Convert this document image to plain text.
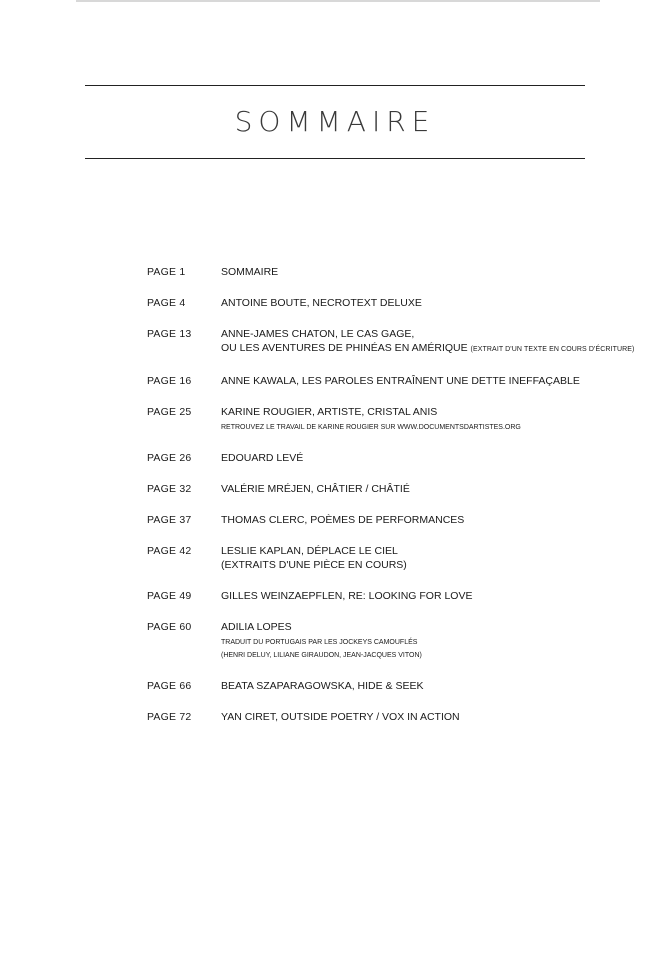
SOMMAIRE
PAGE 1	SOMMAIRE
PAGE 4	ANTOINE BOUTE, NECROTEXT DELUXE
PAGE 13	ANNE-JAMES CHATON, LE CAS GAGE,
OU LES AVENTURES DE PHINÉAS EN AMÉRIQUE (EXTRAIT D'UN TEXTE EN COURS D'ÉCRITURE)
PAGE 16	ANNE KAWALA, LES PAROLES ENTRAÎNENT UNE DETTE INEFFAÇABLE
PAGE 25	KARINE ROUGIER, ARTISTE, CRISTAL ANIS
RETROUVEZ LE TRAVAIL DE KARINE ROUGIER SUR WWW.DOCUMENTSDARTISTES.ORG
PAGE 26	EDOUARD LEVÉ
PAGE 32	VALÉRIE MRÉJEN, CHÂTIER / CHÂTIÉ
PAGE 37	THOMAS CLERC, POÈMES DE PERFORMANCES
PAGE 42	LESLIE KAPLAN, DÉPLACE LE CIEL
(EXTRAITS D'UNE PIÈCE EN COURS)
PAGE 49	GILLES WEINZAEPFLEN, RE: LOOKING FOR LOVE
PAGE 60	ADILIA LOPES
TRADUIT DU PORTUGAIS PAR LES JOCKEYS CAMOUFLÉS
(HENRI DELUY, LILIANE GIRAUDON, JEAN-JACQUES VITON)
PAGE 66	BEATA SZAPARAGOWSKA, HIDE & SEEK
PAGE 72	YAN CIRET, OUTSIDE POETRY / VOX IN ACTION
